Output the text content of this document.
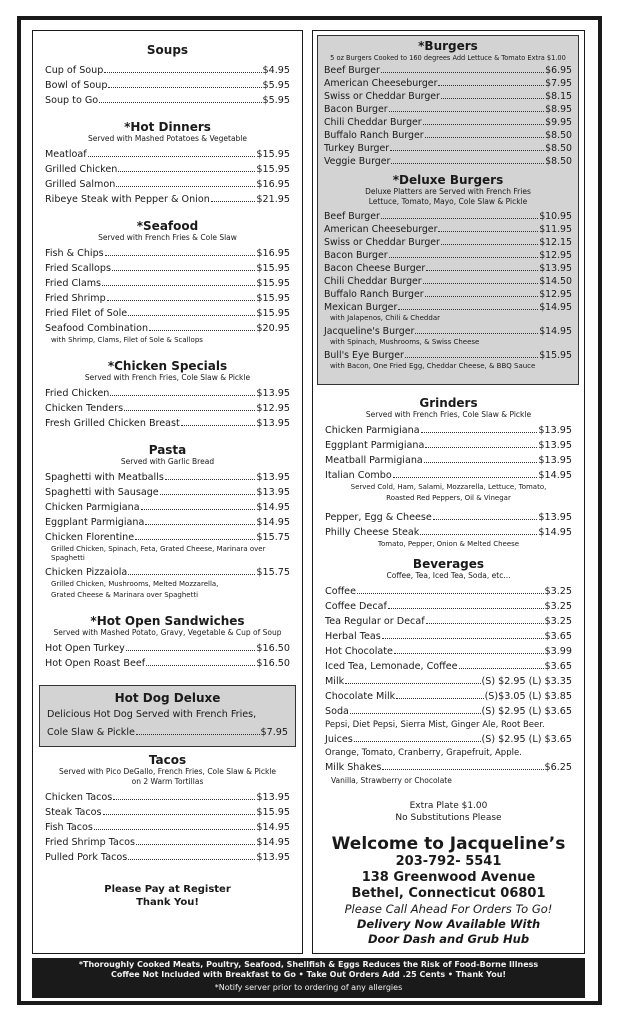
Soups
Cup of Soup	$4.95
Bowl of Soup	$5.95
Soup to Go	$5.95
*Hot Dinners

Served with Mashed Potatoes & Vegetable

Meatloaf	$15.95
Grilled Chicken	$15.95
Grilled Salmon	$16.95
Ribeye Steak with Pepper & Onion	$21.95
*Seafood

Served with French Fries & Cole Slaw

Fish & Chips	$16.95
Fried Scallops	$15.95
Fried Clams	$15.95
Fried Shrimp	$15.95
Fried Filet of Sole	$15.95
Seafood Combination	$20.95
with Shrimp, Clams, Filet of Sole & Scallops
*Chicken Specials

Served with French Fries, Cole Slaw & Pickle

Fried Chicken	$13.95
Chicken Tenders	$12.95
Fresh Grilled Chicken Breast	$13.95
Pasta

Served with Garlic Bread

Spaghetti with Meatballs	$13.95
Spaghetti with Sausage	$13.95
Chicken Parmigiana	$14.95
Eggplant Parmigiana	$14.95
Chicken Florentine	$15.75
Grilled Chicken, Spinach, Feta, Grated Cheese, Marinara over Spaghetti
Chicken Pizzaiola	$15.75
Grilled Chicken, Mushrooms, Melted Mozzarella,
Grated Cheese & Marinara over Spaghetti
*Hot Open Sandwiches

Served with Mashed Potato, Gravy, Vegetable & Cup of Soup

Hot Open Turkey	$16.50
Hot Open Roast Beef	$16.50
Hot Dog Deluxe
Delicious Hot Dog Served with French Fries,
Cole Slaw & Pickle	$7.95
Tacos

Served with Pico DeGallo, French Fries, Cole Slaw & Pickle

on 2 Warm Tortillas

Chicken Tacos	$13.95
Steak Tacos	$15.95
Fish Tacos	$14.95
Fried Shrimp Tacos	$14.95
Pulled Pork Tacos	$13.95
Please Pay at Register
Thank You!
*Burgers

5 oz Burgers Cooked to 160 degrees Add Lettuce & Tomato Extra $1.00

Beef Burger	$6.95
American Cheeseburger	$7.95
Swiss or Cheddar Burger	$8.15
Bacon Burger	$8.95
Chili Cheddar Burger	$9.95
Buffalo Ranch Burger	$8.50
Turkey Burger	$8.50
Veggie Burger	$8.50
*Deluxe Burgers

Deluxe Platters are Served with French Fries

Lettuce, Tomato, Mayo, Cole Slaw & Pickle

Beef Burger	$10.95
American Cheeseburger	$11.95
Swiss or Cheddar Burger	$12.15
Bacon Burger	$12.95
Bacon Cheese Burger	$13.95
Chili Cheddar Burger	$14.50
Buffalo Ranch Burger	$12.95
Mexican Burger	$14.95
with Jalapenos, Chili & Cheddar
Jacqueline's Burger	$14.95
with Spinach, Mushrooms, & Swiss Cheese
Bull's Eye Burger	$15.95
with Bacon, One Fried Egg, Cheddar Cheese, & BBQ Sauce
Grinders

Served with French Fries, Cole Slaw & Pickle

Chicken Parmigiana	$13.95
Eggplant Parmigiana	$13.95
Meatball Parmigiana	$13.95
Italian Combo	$14.95
Served Cold, Ham, Salami, Mozzarella, Lettuce, Tomato,
Roasted Red Peppers, Oil & Vinegar
Pepper, Egg & Cheese	$13.95
Philly Cheese Steak	$14.95
Tomato, Pepper, Onion & Melted Cheese
Beverages

Coffee, Tea, Iced Tea, Soda, etc...

Coffee	$3.25
Coffee Decaf	$3.25
Tea Regular or Decaf	$3.25
Herbal Teas	$3.65
Hot Chocolate	$3.99
Iced Tea, Lemonade, Coffee	$3.65
Milk	(S) $2.95 (L) $3.35
Chocolate Milk	(S)$3.05 (L) $3.85
Soda	(S) $2.95 (L) $3.65
Pepsi, Diet Pepsi, Sierra Mist, Ginger Ale, Root Beer.
Juices	(S) $2.95 (L) $3.65
Orange, Tomato, Cranberry, Grapefruit, Apple.
Milk Shakes	$6.25
Vanilla, Strawberry or Chocolate
Extra Plate $1.00
No Substitutions Please
Welcome to Jacqueline’s
203-792- 5541
138 Greenwood Avenue
Bethel, Connecticut 06801
Please Call Ahead For Orders To Go!
Delivery Now Available With
Door Dash and Grub Hub
*Thoroughly Cooked Meats, Poultry, Seafood, Shellfish & Eggs Reduces the Risk of Food-Borne Illness
Coffee Not Included with Breakfast to Go • Take Out Orders Add .25 Cents • Thank You!
*Notify server prior to ordering of any allergies
